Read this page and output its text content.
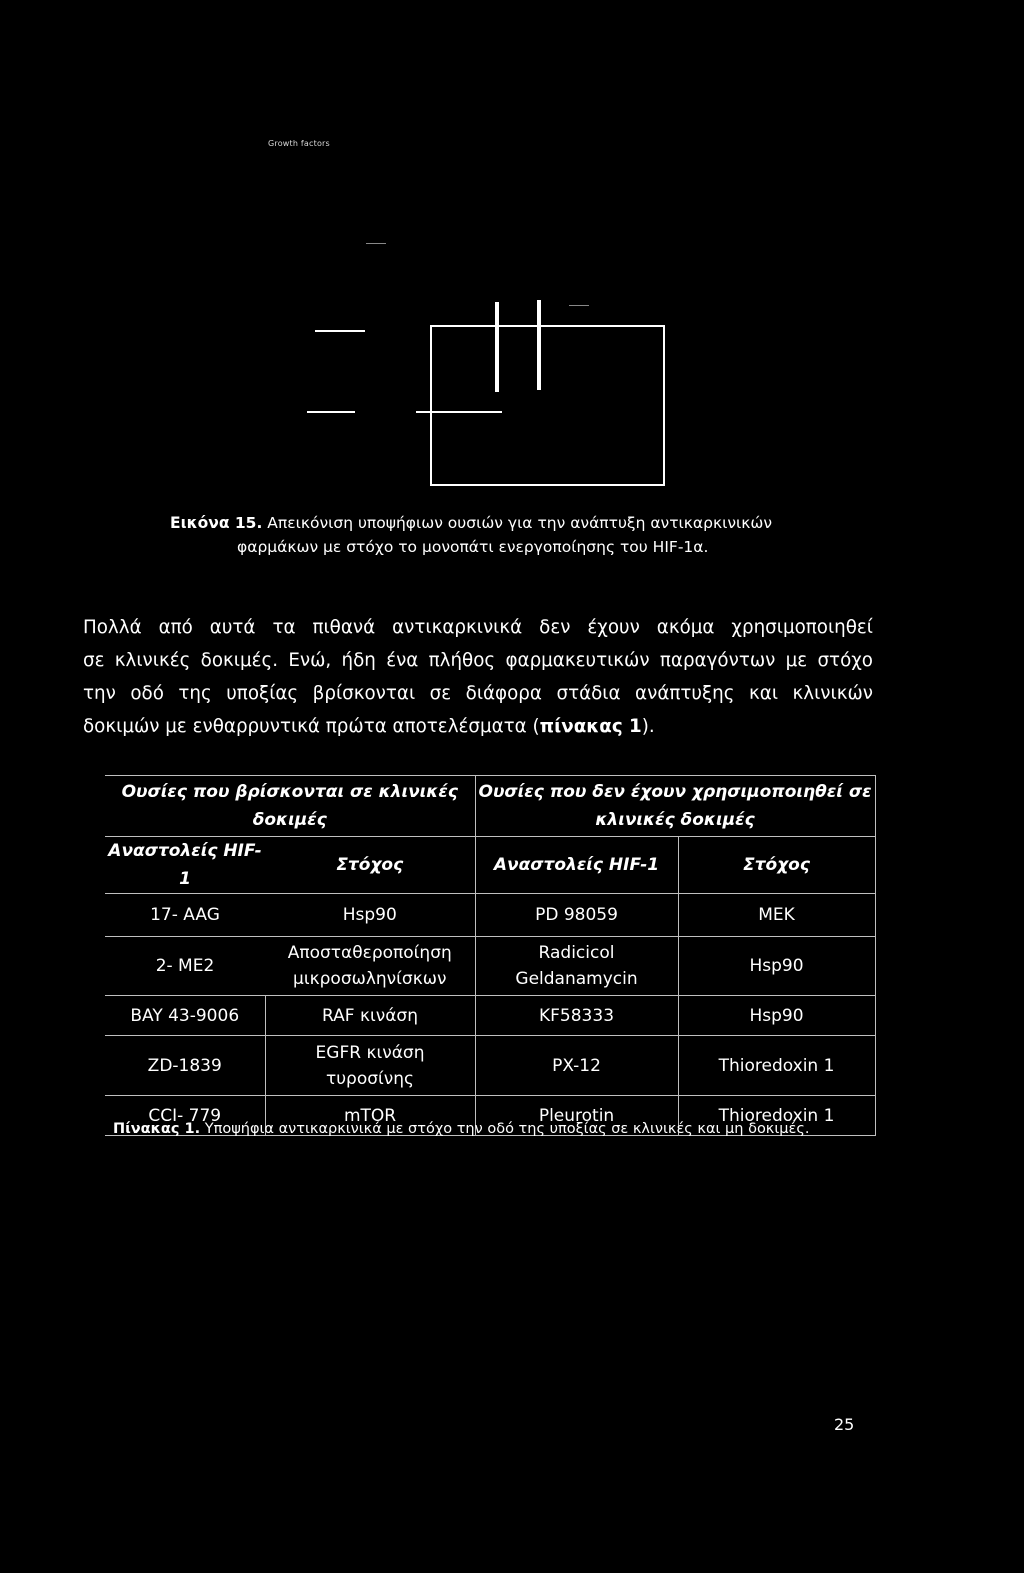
Growth factors
Εικόνα 15. Απεικόνιση υποψήφιων ουσιών για την ανάπτυξη αντικαρκινικών
φαρμάκων με στόχο το μονοπάτι ενεργοποίησης του HIF-1α.
Πολλά από αυτά τα πιθανά αντικαρκινικά δεν έχουν ακόμα χρησιμοποιηθεί
σε κλινικές δοκιμές. Ενώ, ήδη ένα πλήθος φαρμακευτικών παραγόντων με στόχο
την οδό της υποξίας βρίσκονται σε διάφορα στάδια ανάπτυξης και κλινικών
δοκιμών με ενθαρρυντικά πρώτα αποτελέσματα (πίνακας 1).
Ουσίες που βρίσκονται σε κλινικές δοκιμές		Ουσίες που δεν έχουν χρησιμοποιηθεί σε κλινικές δοκιμές	
Αναστολείς HIF-1	Στόχος	Αναστολείς HIF-1	Στόχος
17- AAG	Hsp90	PD 98059	MEK
2- ME2	Αποσταθεροποίηση μικροσωληνίσκων	Radicicol Geldanamycin	Hsp90
BAY 43-9006	RAF κινάση	KF58333	Hsp90
ZD-1839	EGFR κινάση τυροσίνης	PX-12	Thioredoxin 1
CCI- 779	mTOR	Pleurotin	Thioredoxin 1
Πίνακας 1. Υποψήφια αντικαρκινικά με στόχο την οδό της υποξίας σε κλινικές και μη δοκιμές.
25
